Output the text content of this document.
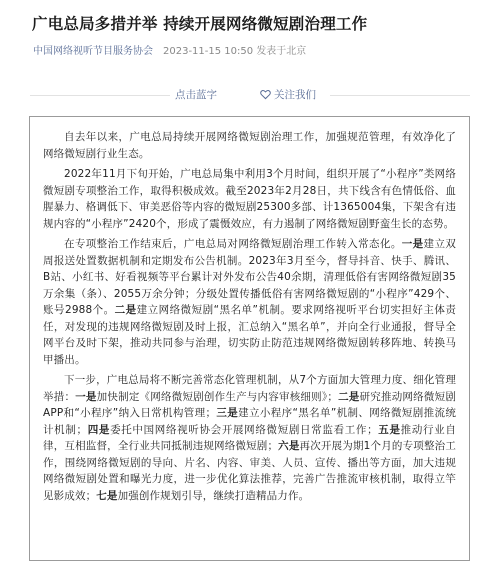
广电总局多措并举 持续开展网络微短剧治理工作
中国网络视听节目服务协会 2023-11-15 10:50 发表于北京
点击蓝字	关注我们

自去年以来，广电总局持续开展网络微短剧治理工作，加强规范管理，有效净化了网络微短剧行业生态。

2022年11月下旬开始，广电总局集中利用3个月时间，组织开展了“小程序”类网络微短剧专项整治工作，取得积极成效。截至2023年2月28日，共下线含有色情低俗、血腥暴力、格调低下、审美恶俗等内容的微短剧25300多部、计1365004集，下架含有违规内容的“小程序”2420个，形成了震慑效应，有力遏制了网络微短剧野蛮生长的态势。

在专项整治工作结束后，广电总局对网络微短剧治理工作转入常态化。一是建立双周报送处置数据机制和定期发布公告机制。2023年3月至今，督导抖音、快手、腾讯、B站、小红书、好看视频等平台累计对外发布公告40余期，清理低俗有害网络微短剧35万余集（条）、2055万余分钟；分级处置传播低俗有害网络微短剧的“小程序”429个、账号2988个。二是建立网络微短剧“黑名单”机制。要求网络视听平台切实担好主体责任，对发现的违规网络微短剧及时上报，汇总纳入“黑名单”，并向全行业通报，督导全网平台及时下架，推动共同参与治理，切实防止防范违规网络微短剧转移阵地、转换马甲播出。

下一步，广电总局将不断完善常态化管理机制，从7个方面加大管理力度、细化管理举措：一是加快制定《网络微短剧创作生产与内容审核细则》；二是研究推动网络微短剧APP和“小程序”纳入日常机构管理；三是建立小程序“黑名单”机制、网络微短剧推流统计机制；四是委托中国网络视听协会开展网络微短剧日常监看工作；五是推动行业自律，互相监督，全行业共同抵制违规网络微短剧；六是再次开展为期1个月的专项整治工作，围绕网络微短剧的导向、片名、内容、审美、人员、宣传、播出等方面，加大违规网络微短剧处置和曝光力度，进一步优化算法推荐，完善广告推流审核机制，取得立竿见影成效；七是加强创作规划引导，继续打造精品力作。
